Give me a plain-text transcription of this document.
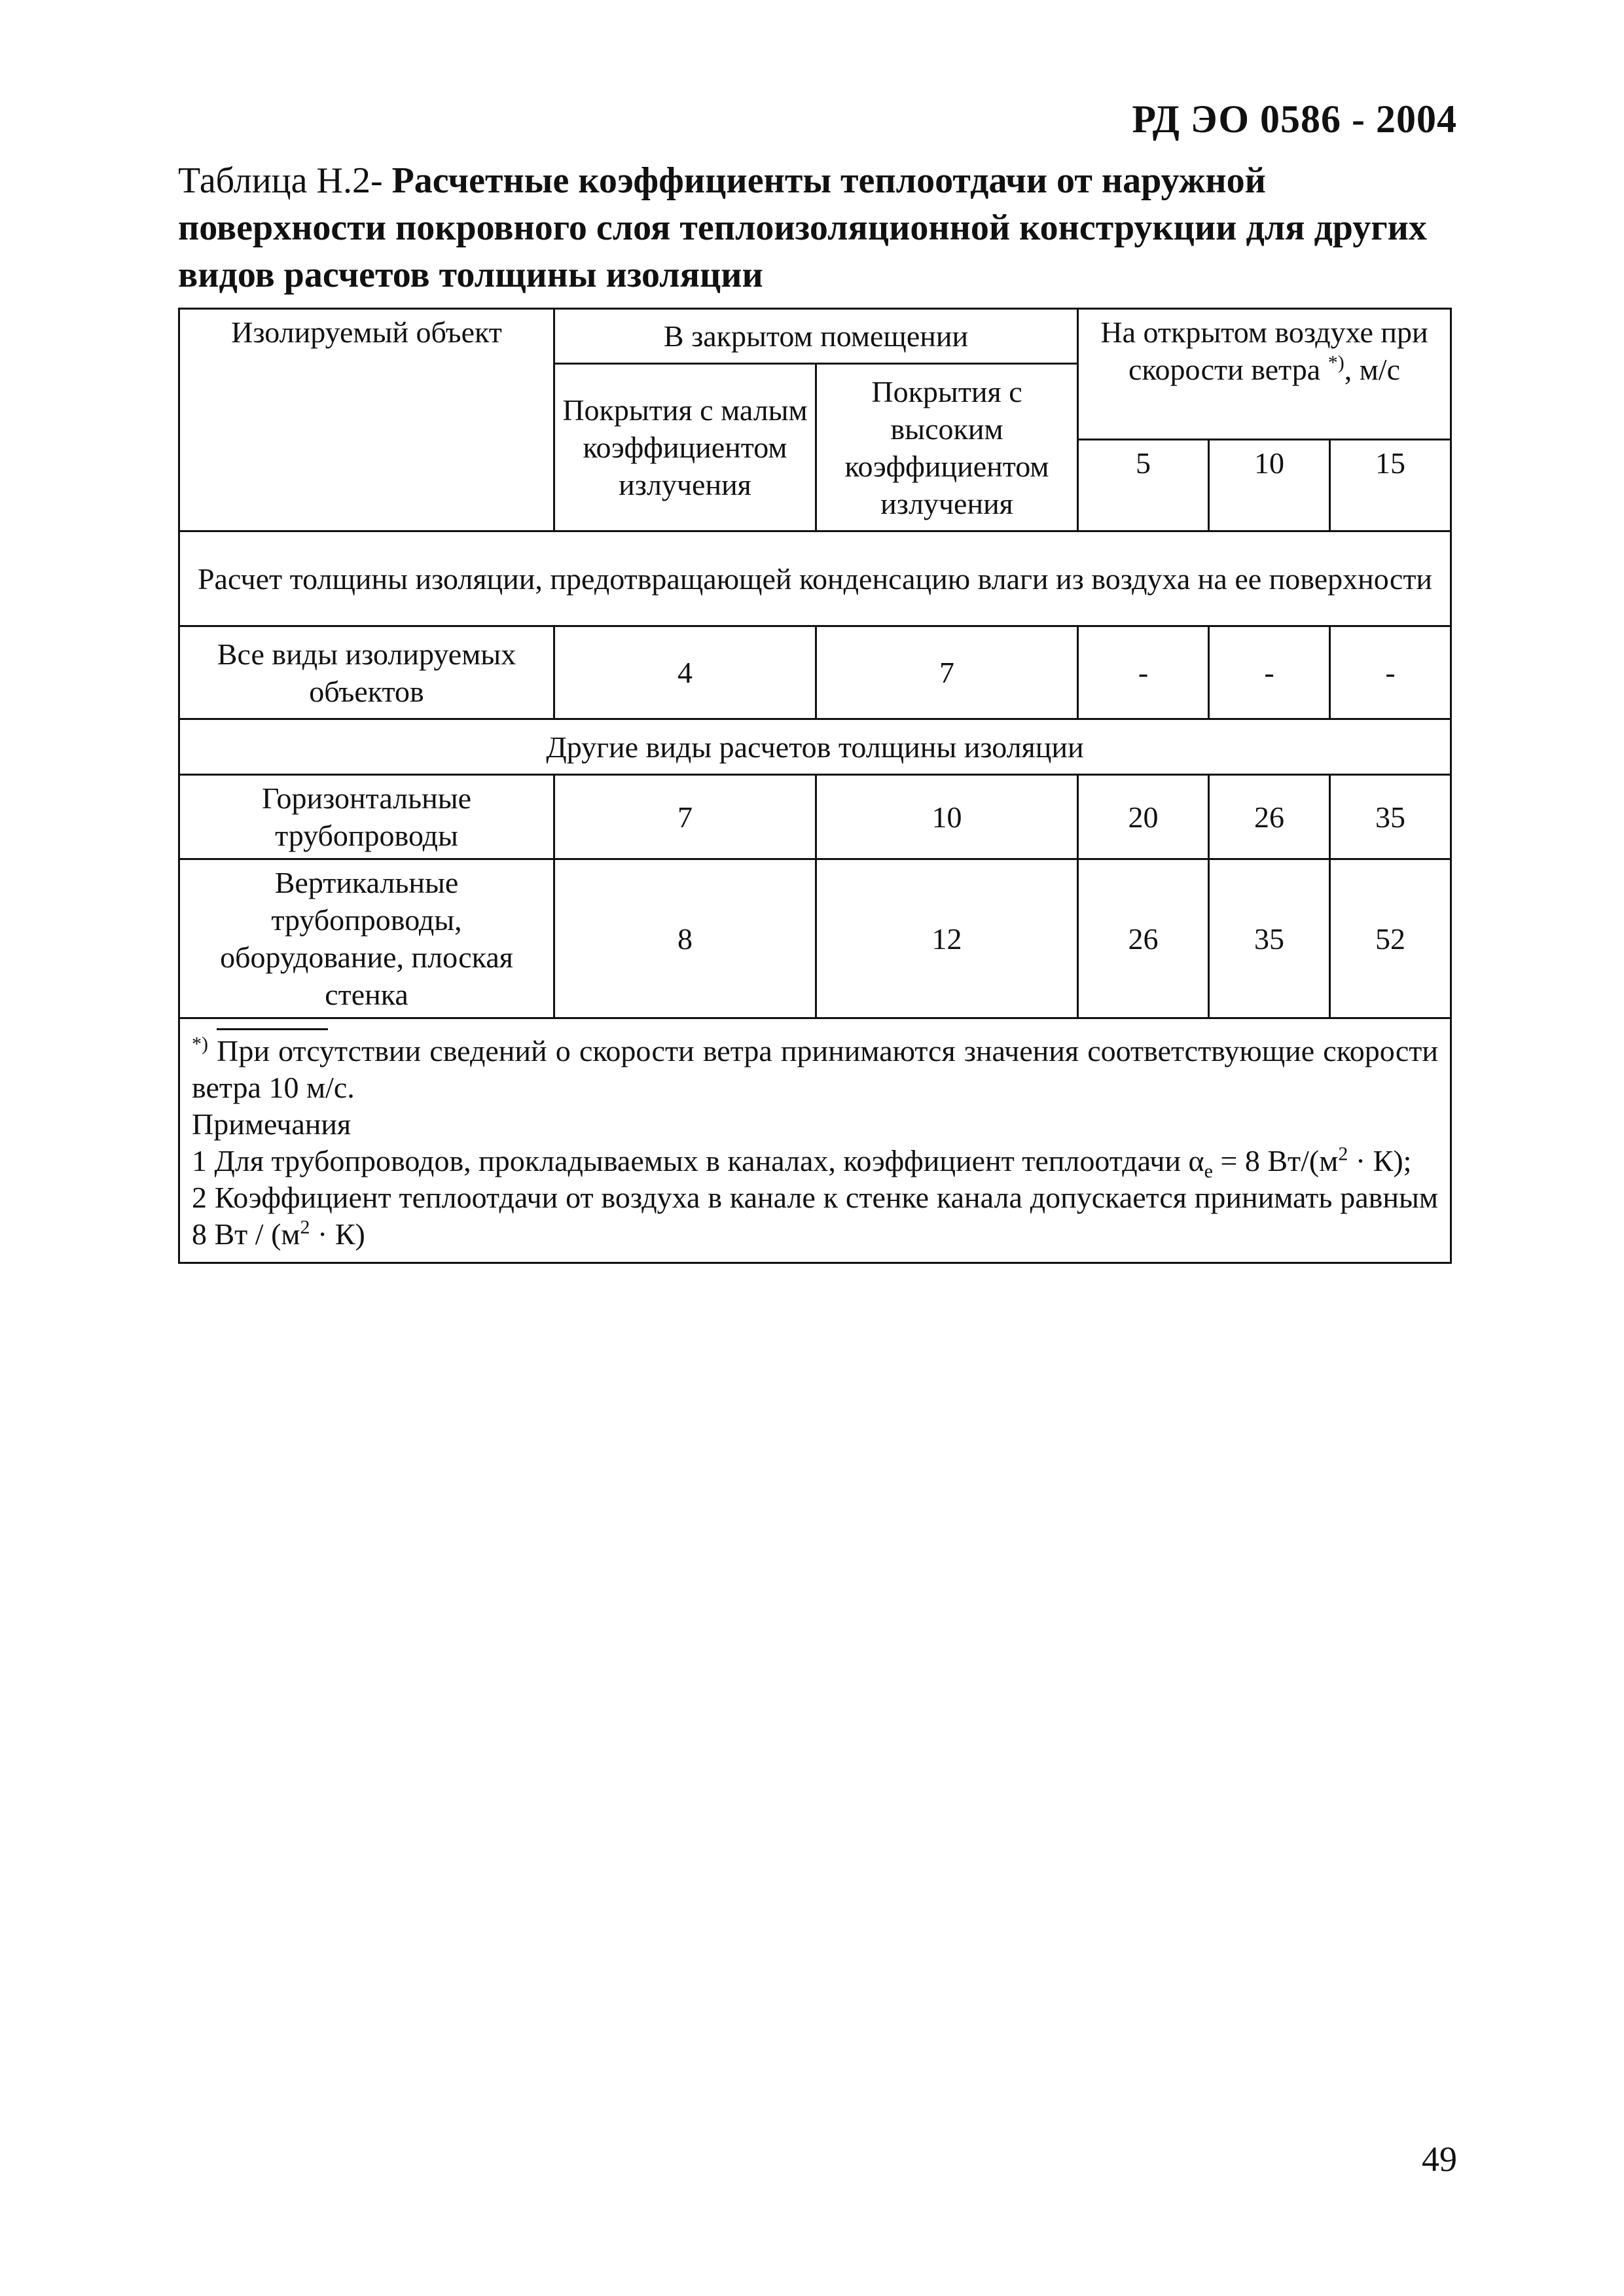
РД ЭО 0586 - 2004
Таблица Н.2- Расчетные коэффициенты теплоотдачи от наружной поверхности покровного слоя теплоизоляционной конструкции для других видов расчетов толщины изоляции
Изолируемый объект	В закрытом помещении		На открытом воздухе при скорости ветра *), м/с		
	Покрытия с малым коэффициентом излучения	Покрытия с высоким коэффициентом излучения			
			5	10	15
Расчет толщины изоляции, предотвращающей конденсацию влаги из воздуха на ее поверхности					
Все виды изолируемых объектов	4	7	-	-	-
Другие виды расчетов толщины изоляции					
Горизонтальные трубопроводы	7	10	20	26	35
Вертикальные трубопроводы, оборудование, плоская стенка	8	12	26	35	52

*) При отсутствии сведений о скорости ветра принимаются значения соответствующие скорости ветра 10 м/с.
Примечания
1 Для трубопроводов, прокладываемых в каналах, коэффициент теплоотдачи $\alpha_е = 8$ $Вт/(м^2 \cdot К)$;
2 Коэффициент теплоотдачи от воздуха в канале к стенке канала допускается принимать равным 8 Вт / $(м^2 \cdot К)$					
49
